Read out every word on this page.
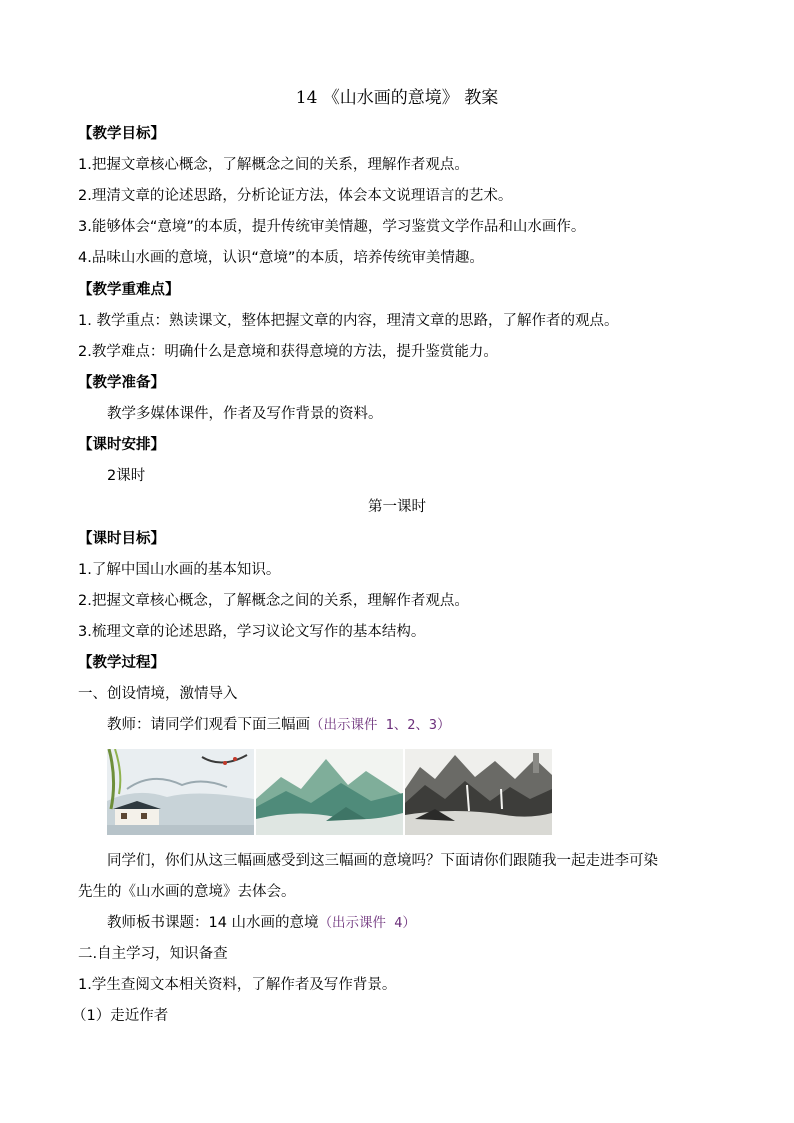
14 《山水画的意境》 教案
【教学目标】
1.把握文章核心概念，了解概念之间的关系，理解作者观点。
2.理清文章的论述思路，分析论证方法，体会本文说理语言的艺术。
3.能够体会“意境”的本质，提升传统审美情趣，学习鉴赏文学作品和山水画作。
4.品味山水画的意境，认识“意境”的本质，培养传统审美情趣。
【教学重难点】
1. 教学重点：熟读课文，整体把握文章的内容，理清文章的思路，了解作者的观点。
2.教学难点：明确什么是意境和获得意境的方法，提升鉴赏能力。
【教学准备】
教学多媒体课件，作者及写作背景的资料。
【课时安排】
2课时
第一课时
【课时目标】
1.了解中国山水画的基本知识。
2.把握文章核心概念，了解概念之间的关系，理解作者观点。
3.梳理文章的论述思路，学习议论文写作的基本结构。
【教学过程】
一、创设情境，激情导入
教师：请同学们观看下面三幅画（出示课件 1、2、3）
同学们，你们从这三幅画感受到这三幅画的意境吗？下面请你们跟随我一起走进李可染
先生的《山水画的意境》去体会。
教师板书课题：14 山水画的意境（出示课件 4）
二.自主学习，知识备查
1.学生查阅文本相关资料，了解作者及写作背景。
（1）走近作者
